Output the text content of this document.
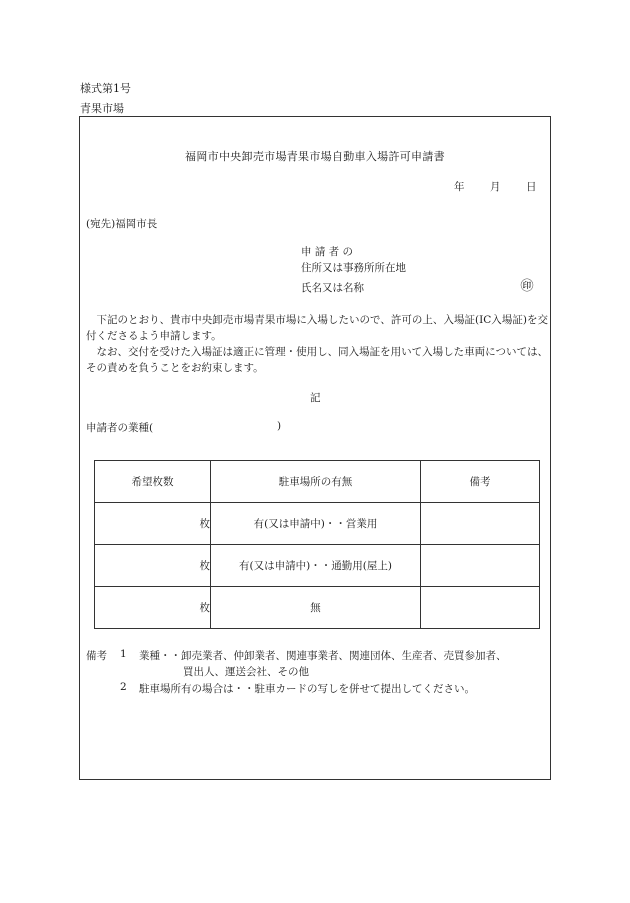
様式第1号
青果市場
福岡市中央卸売市場青果市場自動車入場許可申請書
年 月 日
(宛先)福岡市長
申 請 者 の
住所又は事務所所在地
氏名又は名称	㊞

下記のとおり、貴市中央卸売市場青果市場に入場したいので、許可の上、入場証(IC入場証)を交付くださるよう申請します。

なお、交付を受けた入場証は適正に管理・使用し、同入場証を用いて入場した車両については、その責めを負うことをお約束します。

記
申請者の業種(	)
希望枚数	駐車場所の有無	備考
枚	有(又は申請中)・・営業用	
枚	有(又は申請中)・・通勤用(屋上)	
枚	無	
備考 1 業種・・卸売業者、仲卸業者、関連事業者、関連団体、生産者、売買参加者、
買出人、運送会社、その他
2 駐車場所有の場合は・・駐車カードの写しを併せて提出してください。
